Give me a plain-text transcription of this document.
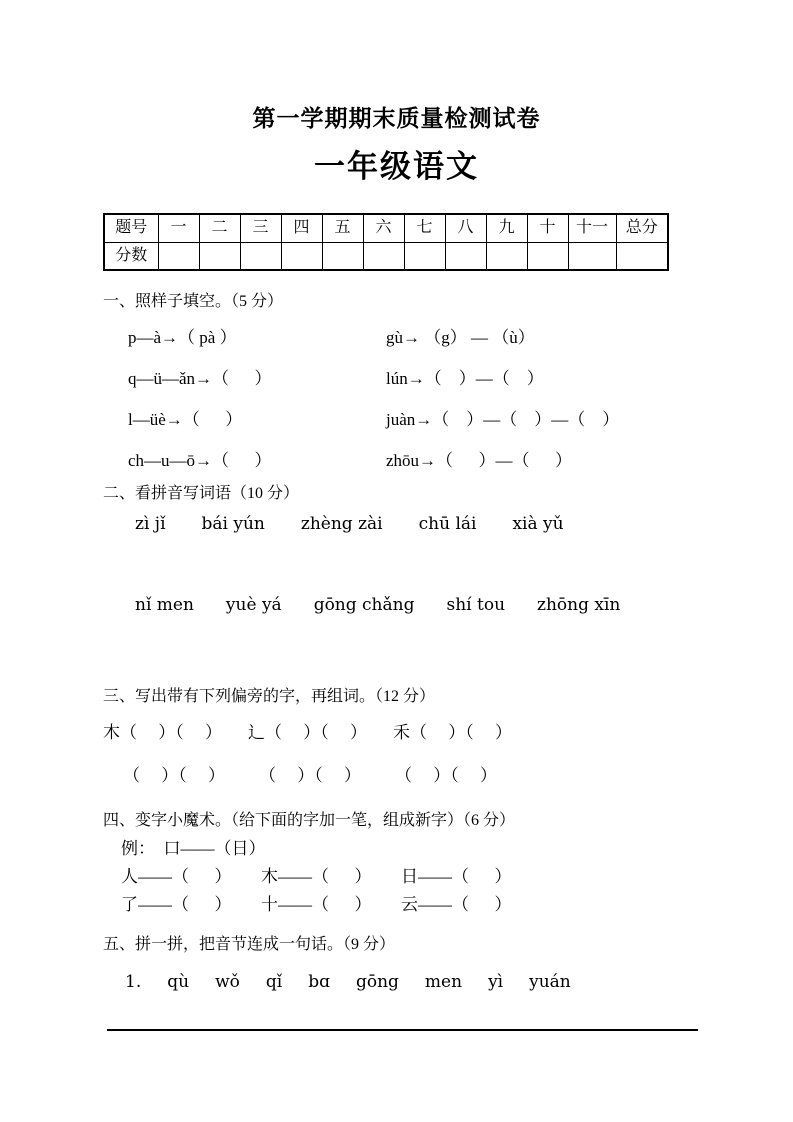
第一学期期末质量检测试卷
一年级语文
题号	一	二	三	四	五	六	七	八	九	十	十一	总分
分数												
一、照样子填空。（5 分）
p—à→（ pà ）	gù→ （g） — （ù）
q—ü—ǎn→（      ）	lún→（    ）—（    ）
l—üè→（      ）	juàn→（    ）—（    ）—（    ）
ch—u—ō→（      ）	zhōu→（      ）—（      ）
二、看拼音写词语（10 分）
zì jǐ bái yún zhèng zài chū lái xià yǔ
nǐ men yuè yá gōng chǎng shí tou zhōng xīn
三、写出带有下列偏旁的字，再组词。（12 分）
木（     ）（     ） 辶（     ）（     ） 禾（     ）（     ）
（     ）（     ） （     ）（     ） （     ）（     ）
四、变字小魔术。（给下面的字加一笔，组成新字）（6 分）
例：  口——（日）
人——（      ）	木——（      ）	日——（      ）
了——（      ）	十——（      ）	云——（      ）
五、拼一拼，把音节连成一句话。（9 分）
1. qù wǒ qǐ bɑ gōng men yì yuán
